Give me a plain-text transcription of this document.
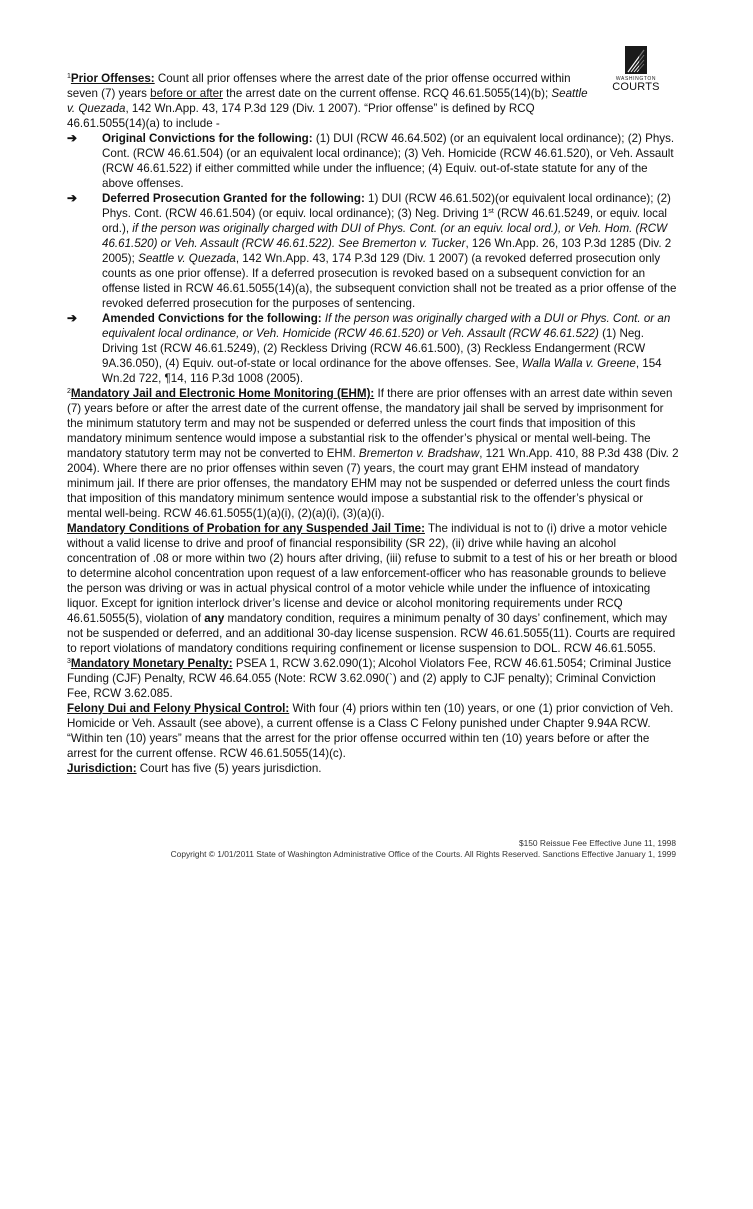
WASHINGTON
COURTS

$^1$Prior Offenses: Count all prior offenses where the arrest date of the prior offense occurred within seven (7) years before or after the arrest date on the current offense. RCQ 46.61.5055(14)(b); Seattle v. Quezada, 142 Wn.App. 43, 174 P.3d 129 (Div. 1 2007). “Prior offense” is defined by RCQ 46.61.5055(14)(a) to include -

➔ Original Convictions for the following: (1) DUI (RCW 46.64.502) (or an equivalent local ordinance); (2) Phys. Cont. (RCW 46.61.504) (or an equivalent local ordinance); (3) Veh. Homicide (RCW 46.61.520), or Veh. Assault (RCW 46.61.522) if either committed while under the influence; (4) Equiv. out-of-state statute for any of the above offenses.

➔ Deferred Prosecution Granted for the following: 1) DUI (RCW 46.61.502)(or equivalent local ordinance); (2) Phys. Cont. (RCW 46.61.504) (or equiv. local ordinance); (3) Neg. Driving 1st (RCW 46.61.5249, or equiv. local ord.), if the person was originally charged with DUI of Phys. Cont. (or an equiv. local ord.), or Veh. Hom. (RCW 46.61.520) or Veh. Assault (RCW 46.61.522). See Bremerton v. Tucker, 126 Wn.App. 26, 103 P.3d 1285 (Div. 2 2005); Seattle v. Quezada, 142 Wn.App. 43, 174 P.3d 129 (Div. 1 2007) (a revoked deferred prosecution only counts as one prior offense). If a deferred prosecution is revoked based on a subsequent conviction for an offense listed in RCW 46.61.5055(14)(a), the subsequent conviction shall not be treated as a prior offense of the revoked deferred prosecution for the purposes of sentencing.

➔ Amended Convictions for the following: If the person was originally charged with a DUI or Phys. Cont. or an equivalent local ordinance, or Veh. Homicide (RCW 46.61.520) or Veh. Assault (RCW 46.61.522) (1) Neg. Driving 1st (RCW 46.61.5249), (2) Reckless Driving (RCW 46.61.500), (3) Reckless Endangerment (RCW 9A.36.050), (4) Equiv. out-of-state or local ordinance for the above offenses. See, Walla Walla v. Greene, 154 Wn.2d 722, ¶14, 116 P.3d 1008 (2005).

$^2$Mandatory Jail and Electronic Home Monitoring (EHM): If there are prior offenses with an arrest date within seven (7) years before or after the arrest date of the current offense, the mandatory jail shall be served by imprisonment for the minimum statutory term and may not be suspended or deferred unless the court finds that imposition of this mandatory minimum sentence would impose a substantial risk to the offender’s physical or mental well-being. The mandatory statutory term may not be converted to EHM. Bremerton v. Bradshaw, 121 Wn.App. 410, 88 P.3d 438 (Div. 2 2004). Where there are no prior offenses within seven (7) years, the court may grant EHM instead of mandatory minimum jail. If there are prior offenses, the mandatory EHM may not be suspended or deferred unless the court finds that imposition of this mandatory minimum sentence would impose a substantial risk to the offender’s physical or mental well-being. RCW 46.61.5055(1)(a)(i), (2)(a)(i), (3)(a)(i).

Mandatory Conditions of Probation for any Suspended Jail Time: The individual is not to (i) drive a motor vehicle without a valid license to drive and proof of financial responsibility (SR 22), (ii) drive while having an alcohol concentration of .08 or more within two (2) hours after driving, (iii) refuse to submit to a test of his or her breath or blood to determine alcohol concentration upon request of a law enforcement-officer who has reasonable grounds to believe the person was driving or was in actual physical control of a motor vehicle while under the influence of intoxicating liquor. Except for ignition interlock driver’s license and device or alcohol monitoring requirements under RCQ 46.61.5055(5), violation of any mandatory condition, requires a minimum penalty of 30 days’ confinement, which may not be suspended or deferred, and an additional 30-day license suspension. RCW 46.61.5055(11). Courts are required to report violations of mandatory conditions requiring confinement or license suspension to DOL. RCW 46.61.5055.

$^3$Mandatory Monetary Penalty: PSEA 1, RCW 3.62.090(1); Alcohol Violators Fee, RCW 46.61.5054; Criminal Justice Funding (CJF) Penalty, RCW 46.64.055 (Note: RCW 3.62.090(`) and (2) apply to CJF penalty); Criminal Conviction Fee, RCW 3.62.085.

Felony Dui and Felony Physical Control: With four (4) priors within ten (10) years, or one (1) prior conviction of Veh. Homicide or Veh. Assault (see above), a current offense is a Class C Felony punished under Chapter 9.94A RCW. “Within ten (10) years” means that the arrest for the prior offense occurred within ten (10) years before or after the arrest for the current offense. RCW 46.61.5055(14)(c).

Jurisdiction: Court has five (5) years jurisdiction.

$150 Reissue Fee Effective June 11, 1998
Copyright © 1/01/2011 State of Washington Administrative Office of the Courts. All Rights Reserved. Sanctions Effective January 1, 1999
